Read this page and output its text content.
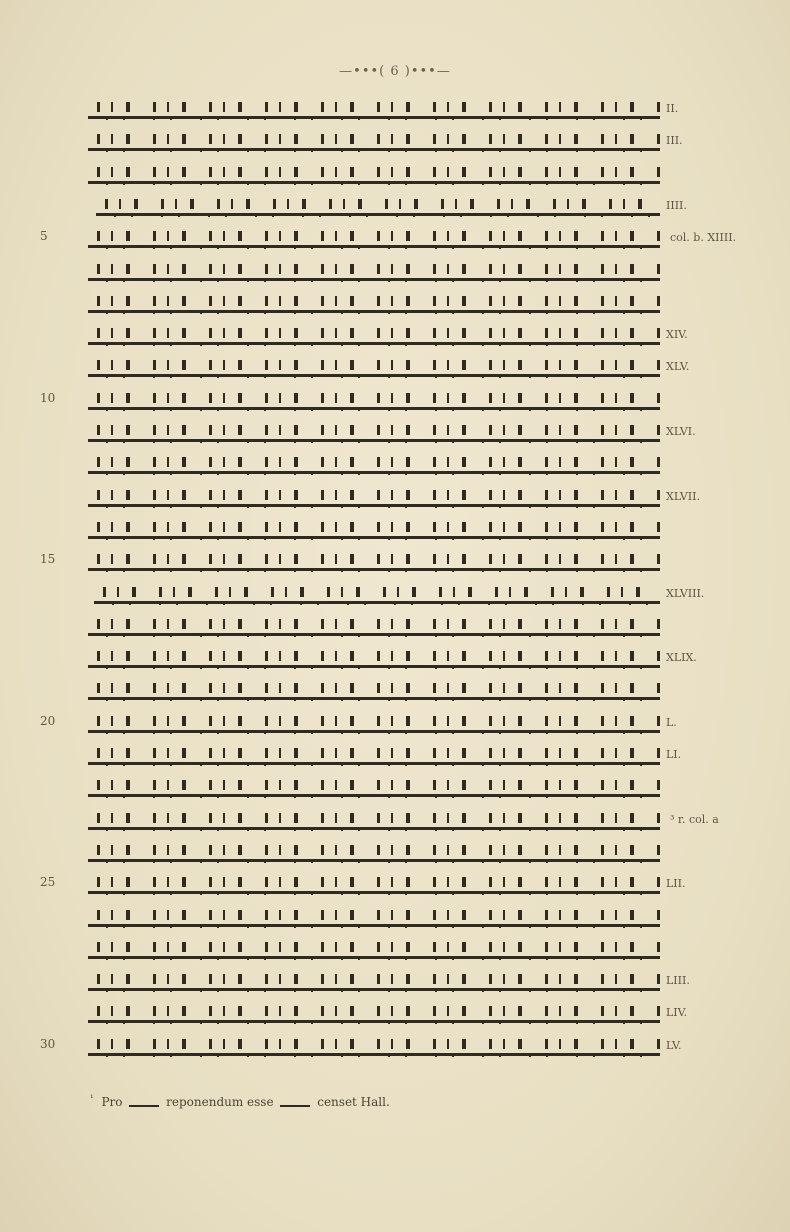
—•••( 6 )•••—
II.
III.
IIII.
5	col. b. XIIII.
XIV.
XLV.
10
XLVI.
XLVII.
15
XLVIII.
XLIX.
20	L.
LI.
³ r. col. a
25	LII.
LIII.
LIV.
30	LV.
$^{^1}$ Pro	reponendum esse	censet Hall.
